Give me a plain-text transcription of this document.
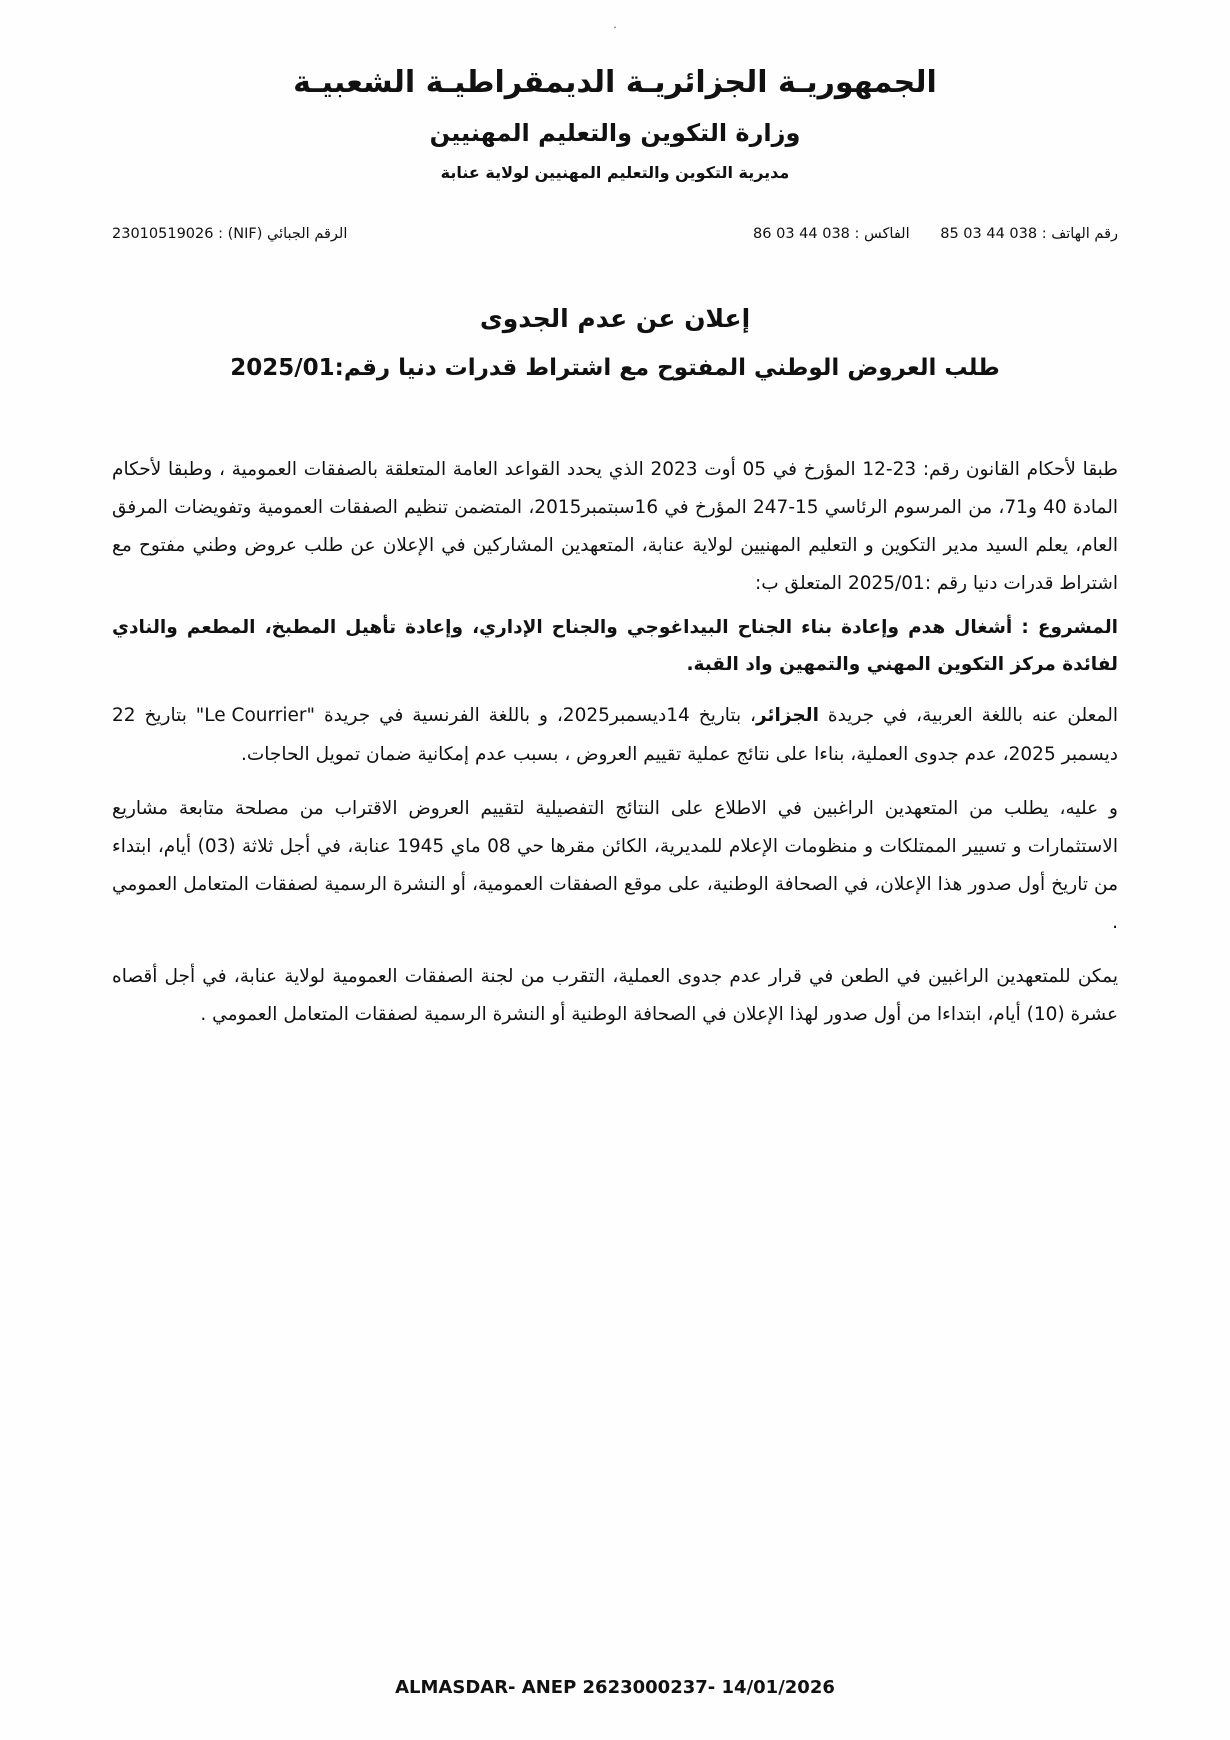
.
الجمهوريـة الجزائريـة الديمقراطيـة الشعبيـة
وزارة التكوين والتعليم المهنيين
مديرية التكوين والتعليم المهنيين لولاية عنابة
رقم الهاتف : 038 44 03 85 الفاكس : 038 44 03 86
الرقم الجبائي (NIF) : 23010519026
إعلان عن عدم الجدوى
طلب العروض الوطني المفتوح مع اشتراط قدرات دنيا رقم:2025/01

طبقا لأحكام القانون رقم: 23-12 المؤرخ في 05 أوت 2023 الذي يحدد القواعد العامة المتعلقة بالصفقات العمومية ، وطبقا لأحكام المادة 40 و71، من المرسوم الرئاسي 15-247 المؤرخ في 16سبتمبر2015، المتضمن تنظيم الصفقات العمومية وتفويضات المرفق العام، يعلم السيد مدير التكوين و التعليم المهنيين لولاية عنابة، المتعهدين المشاركين في الإعلان عن طلب عروض وطني مفتوح مع اشتراط قدرات دنيا رقم :2025/01 المتعلق ب:

المشروع : أشغال هدم وإعادة بناء الجناح البيداغوجي والجناح الإداري، وإعادة تأهيل المطبخ، المطعم والنادي لفائدة مركز التكوين المهني والتمهين واد القبة.

المعلن عنه باللغة العربية، في جريدة الجزائر، بتاريخ 14ديسمبر2025، و باللغة الفرنسية في جريدة "Le Courrier" بتاريخ 22 ديسمبر 2025، عدم جدوى العملية، بناءا على نتائج عملية تقييم العروض ، بسبب عدم إمكانية ضمان تمويل الحاجات.

و عليه، يطلب من المتعهدين الراغبين في الاطلاع على النتائج التفصيلية لتقييم العروض الاقتراب من مصلحة متابعة مشاريع الاستثمارات و تسيير الممتلكات و منظومات الإعلام للمديرية، الكائن مقرها حي 08 ماي 1945 عنابة، في أجل ثلاثة (03) أيام، ابتداء من تاريخ أول صدور هذا الإعلان، في الصحافة الوطنية، على موقع الصفقات العمومية، أو النشرة الرسمية لصفقات المتعامل العمومي .

يمكن للمتعهدين الراغبين في الطعن في قرار عدم جدوى العملية، التقرب من لجنة الصفقات العمومية لولاية عنابة، في أجل أقصاه عشرة (10) أيام، ابتداءا من أول صدور لهذا الإعلان في الصحافة الوطنية أو النشرة الرسمية لصفقات المتعامل العمومي .

ALMASDAR- ANEP 2623000237- 14/01/2026
